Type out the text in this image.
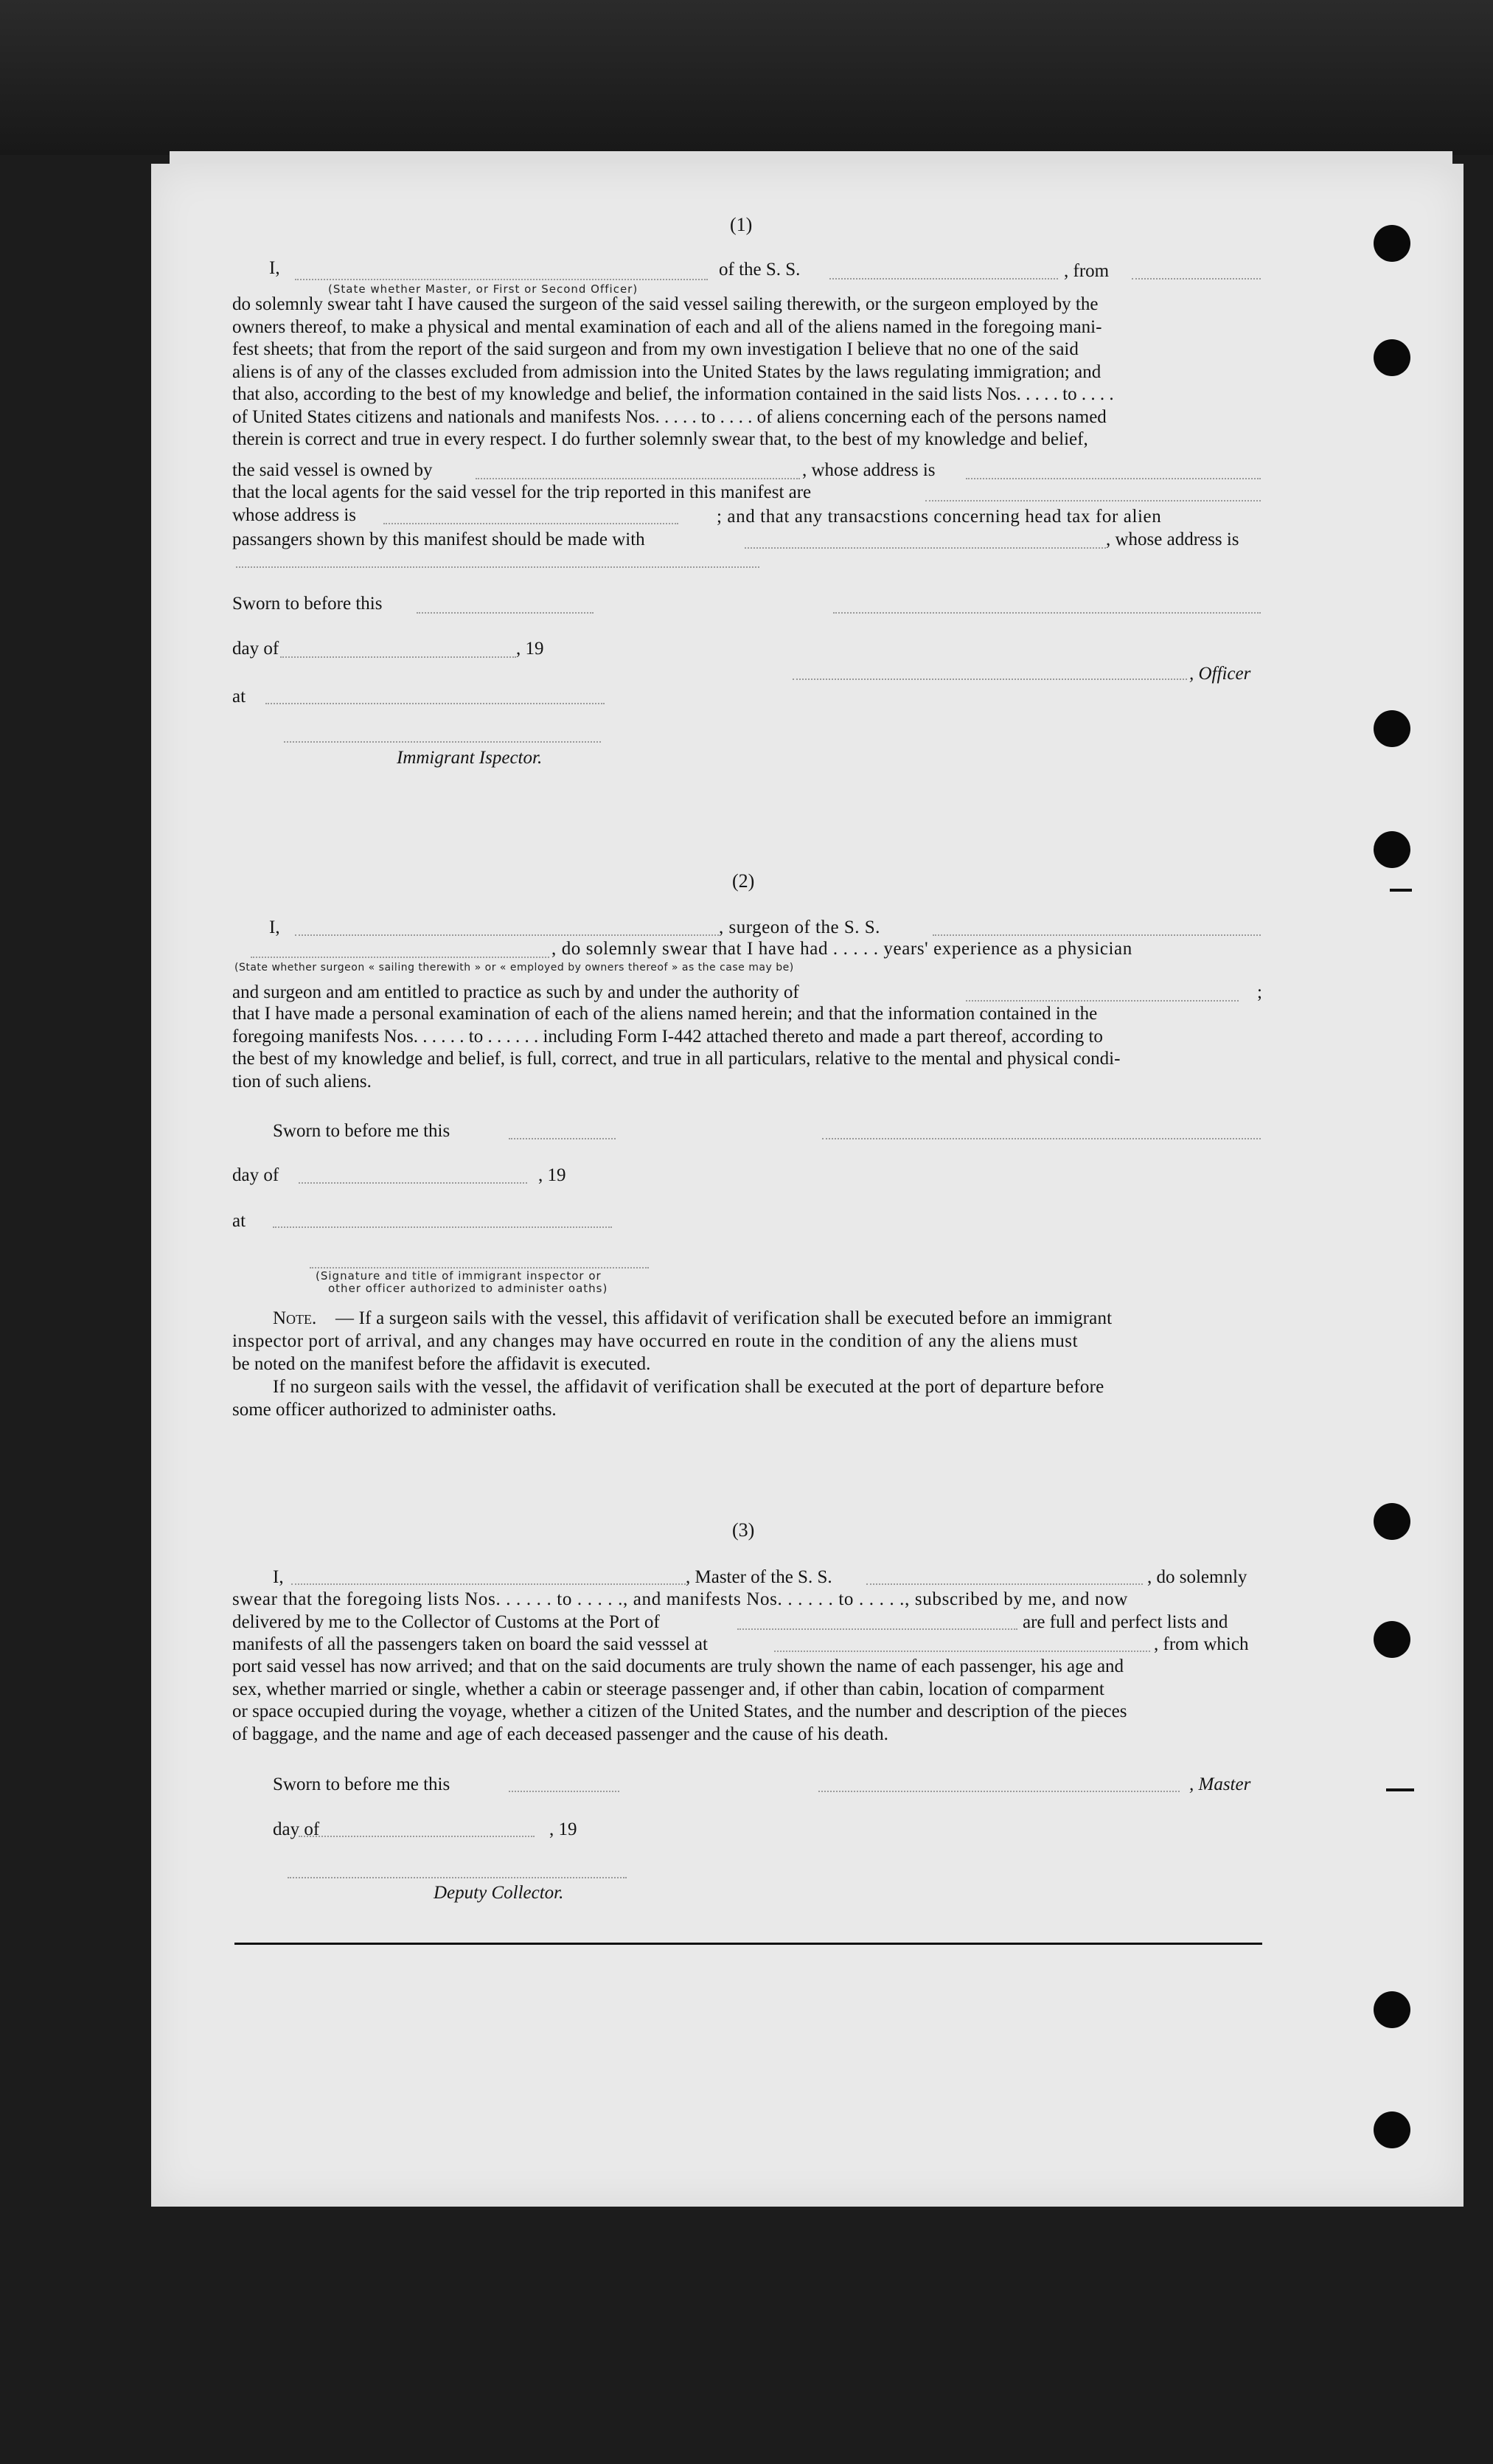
(1)
I,
(State whether Master, or First or Second Officer)
of the S. S.	, from
do solemnly swear taht I have caused the surgeon of the said vessel sailing therewith, or the surgeon employed by the
owners thereof, to make a physical and mental examination of each and all of the aliens named in the foregoing mani-
fest sheets; that from the report of the said surgeon and from my own investigation I believe that no one of the said
aliens is of any of the classes excluded from admission into the United States by the laws regulating immigration; and
that also, according to the best of my knowledge and belief, the information contained in the said lists Nos. . . . . to . . . .
of United States citizens and nationals and manifests Nos. . . . . to . . . . of aliens concerning each of the persons named
therein is correct and true in every respect. I do further solemnly swear that, to the best of my knowledge and belief,
the said vessel is owned by	, whose address is
that the local agents for the said vessel for the trip reported in this manifest are
whose address is	; and that any transacstions concerning head tax for alien
passangers shown by this manifest should be made with	, whose address is
Sworn to before this
day of	, 19
, Officer
at
Immigrant Ispector.
(2)
I,	, surgeon of the S. S.
, do solemnly swear that I have had . . . . . years' experience as a physician
(State whether surgeon « sailing therewith » or « employed by owners thereof » as the case may be)
and surgeon and am entitled to practice as such by and under the authority of	;
that I have made a personal examination of each of the aliens named herein; and that the information contained in the
foregoing manifests Nos. . . . . . to . . . . . . including Form I-442 attached thereto and made a part thereof, according to
the best of my knowledge and belief, is full, correct, and true in all particulars, relative to the mental and physical condi-
tion of such aliens.
Sworn to before me this
day of	, 19
at
(Signature and title of immigrant inspector or
other officer authorized to administer oaths)
Note. — If a surgeon sails with the vessel, this affidavit of verification shall be executed before an immigrant
inspector port of arrival, and any changes may have occurred en route in the condition of any the aliens must
be noted on the manifest before the affidavit is executed.
If no surgeon sails with the vessel, the affidavit of verification shall be executed at the port of departure before
some officer authorized to administer oaths.
(3)
I,	, Master of the S. S.	, do solemnly
swear that the foregoing lists Nos. . . . . . to . . . . ., and manifests Nos. . . . . . to . . . . ., subscribed by me, and now
delivered by me to the Collector of Customs at the Port of	are full and perfect lists and
manifests of all the passengers taken on board the said vesssel at	, from which
port said vessel has now arrived; and that on the said documents are truly shown the name of each passenger, his age and
sex, whether married or single, whether a cabin or steerage passenger and, if other than cabin, location of comparment
or space occupied during the voyage, whether a citizen of the United States, and the number and description of the pieces
of baggage, and the name and age of each deceased passenger and the cause of his death.
Sworn to before me this	, Master
day of	, 19
Deputy Collector.
